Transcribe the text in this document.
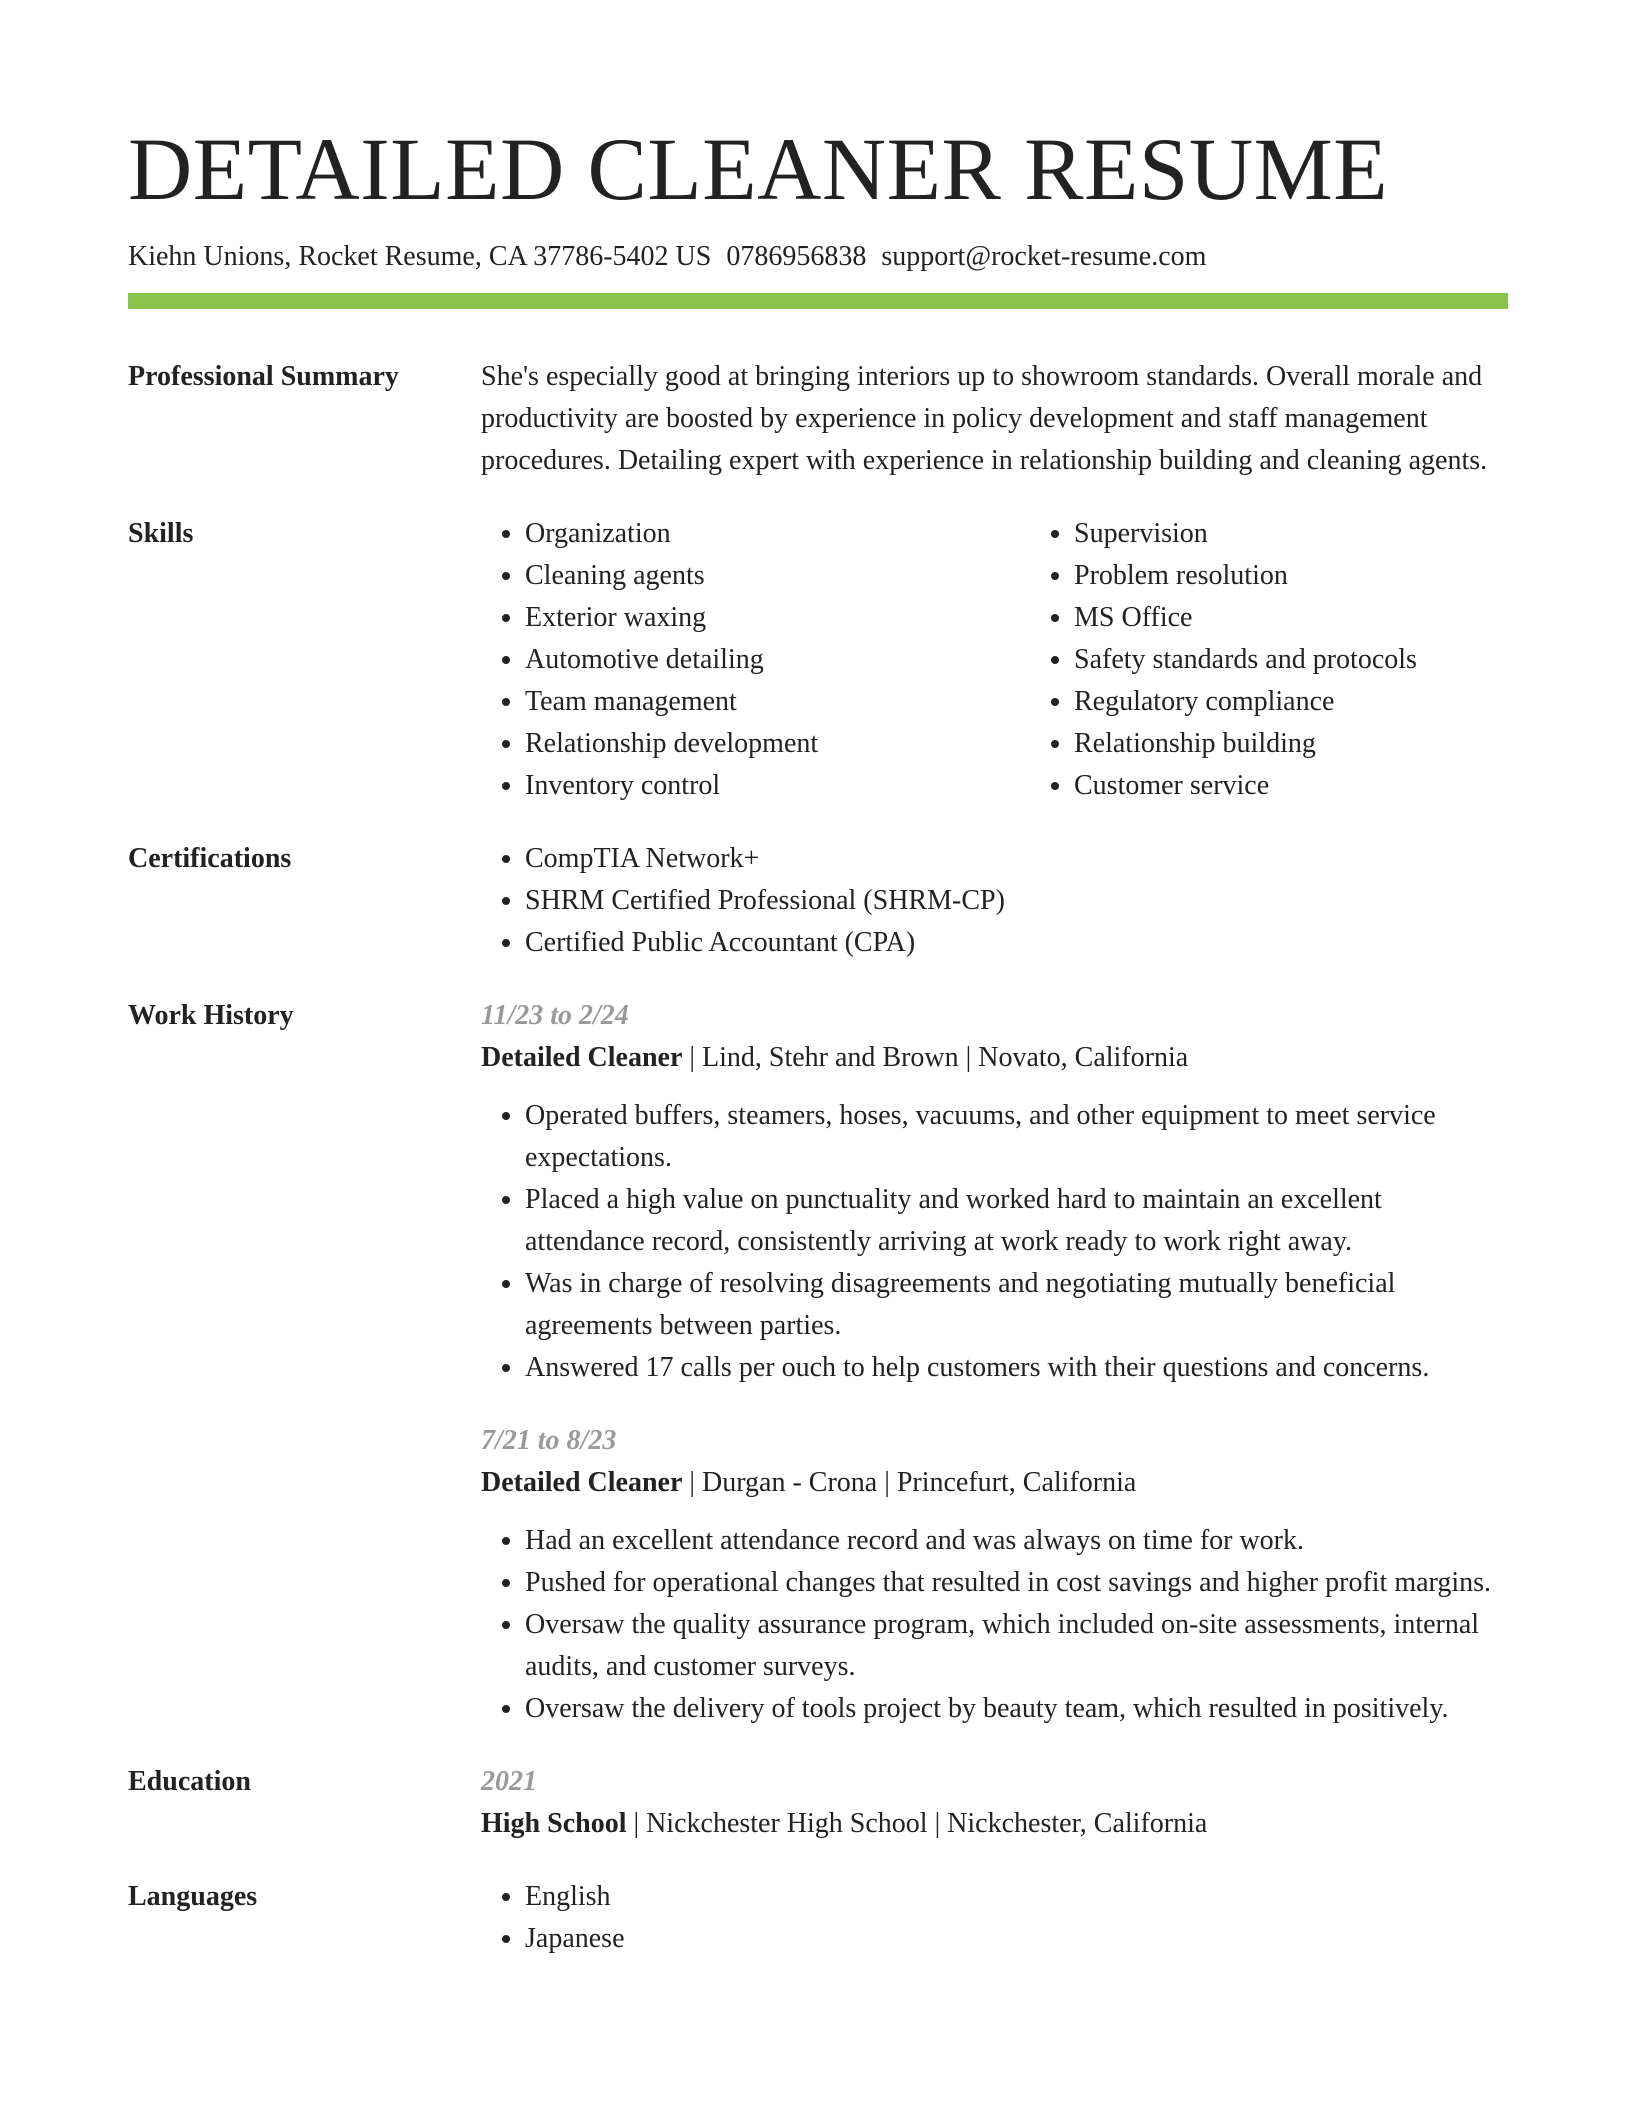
DETAILED CLEANER RESUME
Kiehn Unions, Rocket Resume, CA 37786-5402 US 0786956838 support@rocket-resume.com
Professional Summary	She's especially good at bringing interiors up to showroom standards. Overall morale and productivity are boosted by experience in policy development and staff management procedures. Detailing expert with experience in relationship building and cleaning agents.

Skills	• Organization
• Cleaning agents
• Exterior waxing
• Automotive detailing
• Team management
• Relationship development
• Inventory control
• Supervision
• Problem resolution
• MS Office
• Safety standards and protocols
• Regulatory compliance
• Relationship building
• Customer service
Certifications	• CompTIA Network+
• SHRM Certified Professional (SHRM-CP)
• Certified Public Accountant (CPA)
Work History	11/23 to 2/24
Detailed Cleaner | Lind, Stehr and Brown | Novato, California
• Operated buffers, steamers, hoses, vacuums, and other equipment to meet service expectations.
• Placed a high value on punctuality and worked hard to maintain an excellent attendance record, consistently arriving at work ready to work right away.
• Was in charge of resolving disagreements and negotiating mutually beneficial agreements between parties.
• Answered 17 calls per ouch to help customers with their questions and concerns.
7/21 to 8/23
Detailed Cleaner | Durgan - Crona | Princefurt, California
• Had an excellent attendance record and was always on time for work.
• Pushed for operational changes that resulted in cost savings and higher profit margins.
• Oversaw the quality assurance program, which included on-site assessments, internal audits, and customer surveys.
• Oversaw the delivery of tools project by beauty team, which resulted in positively.
Education	2021
High School | Nickchester High School | Nickchester, California
Languages	• English
• Japanese
